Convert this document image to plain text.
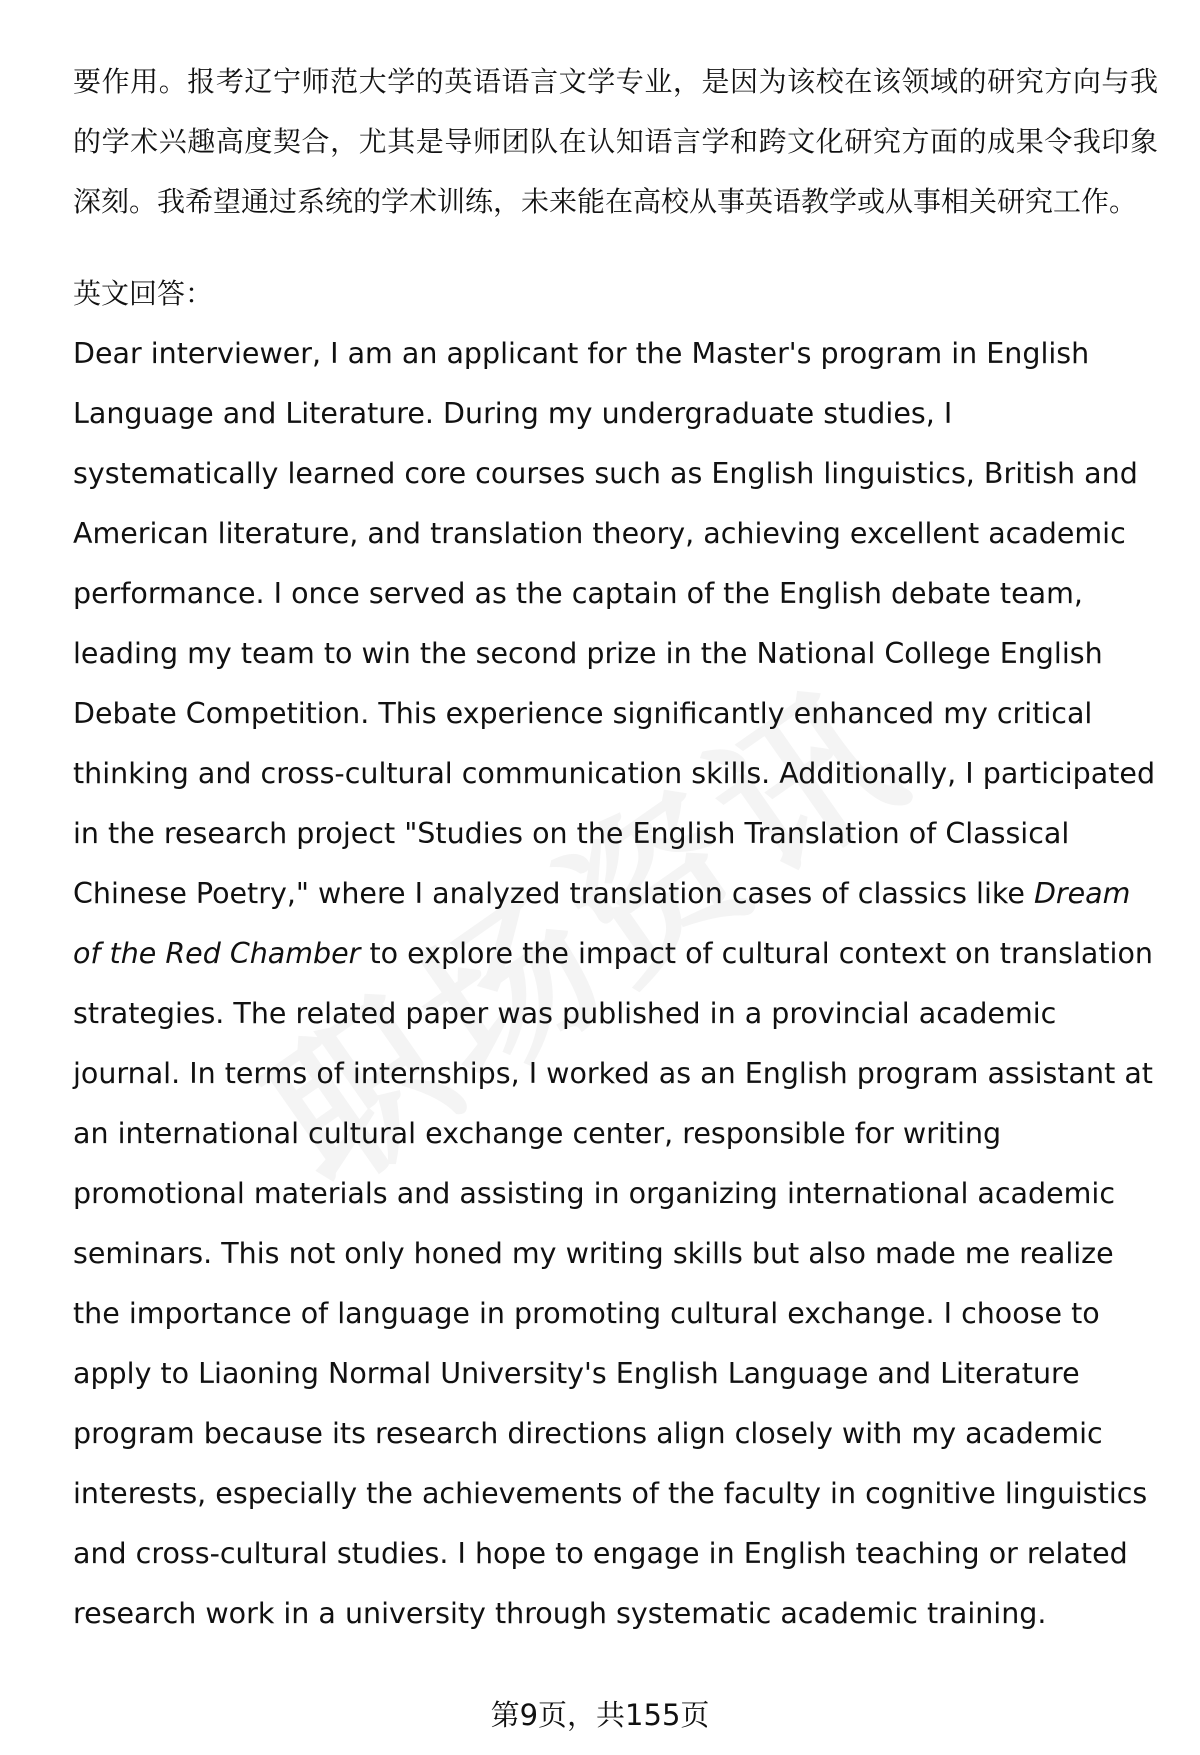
要作用。报考辽宁师范大学的英语语言文学专业，是因为该校在该领域的研究方向与我的学术兴趣高度契合，尤其是导师团队在认知语言学和跨文化研究方面的成果令我印象深刻。我希望通过系统的学术训练，未来能在高校从事英语教学或从事相关研究工作。

英文回答：

Dear interviewer, I am an applicant for the Master's program in English Language and Literature. During my undergraduate studies, I systematically learned core courses such as English linguistics, British and American literature, and translation theory, achieving excellent academic performance. I once served as the captain of the English debate team, leading my team to win the second prize in the National College English Debate Competition. This experience significantly enhanced my critical thinking and cross-cultural communication skills. Additionally, I participated in the research project "Studies on the English Translation of Classical Chinese Poetry," where I analyzed translation cases of classics like Dream of the Red Chamber to explore the impact of cultural context on translation strategies. The related paper was published in a provincial academic journal. In terms of internships, I worked as an English program assistant at an international cultural exchange center, responsible for writing promotional materials and assisting in organizing international academic seminars. This not only honed my writing skills but also made me realize the importance of language in promoting cultural exchange. I choose to apply to Liaoning Normal University's English Language and Literature program because its research directions align closely with my academic interests, especially the achievements of the faculty in cognitive linguistics and cross-cultural studies. I hope to engage in English teaching or related research work in a university through systematic academic training.

第9页，共155页
